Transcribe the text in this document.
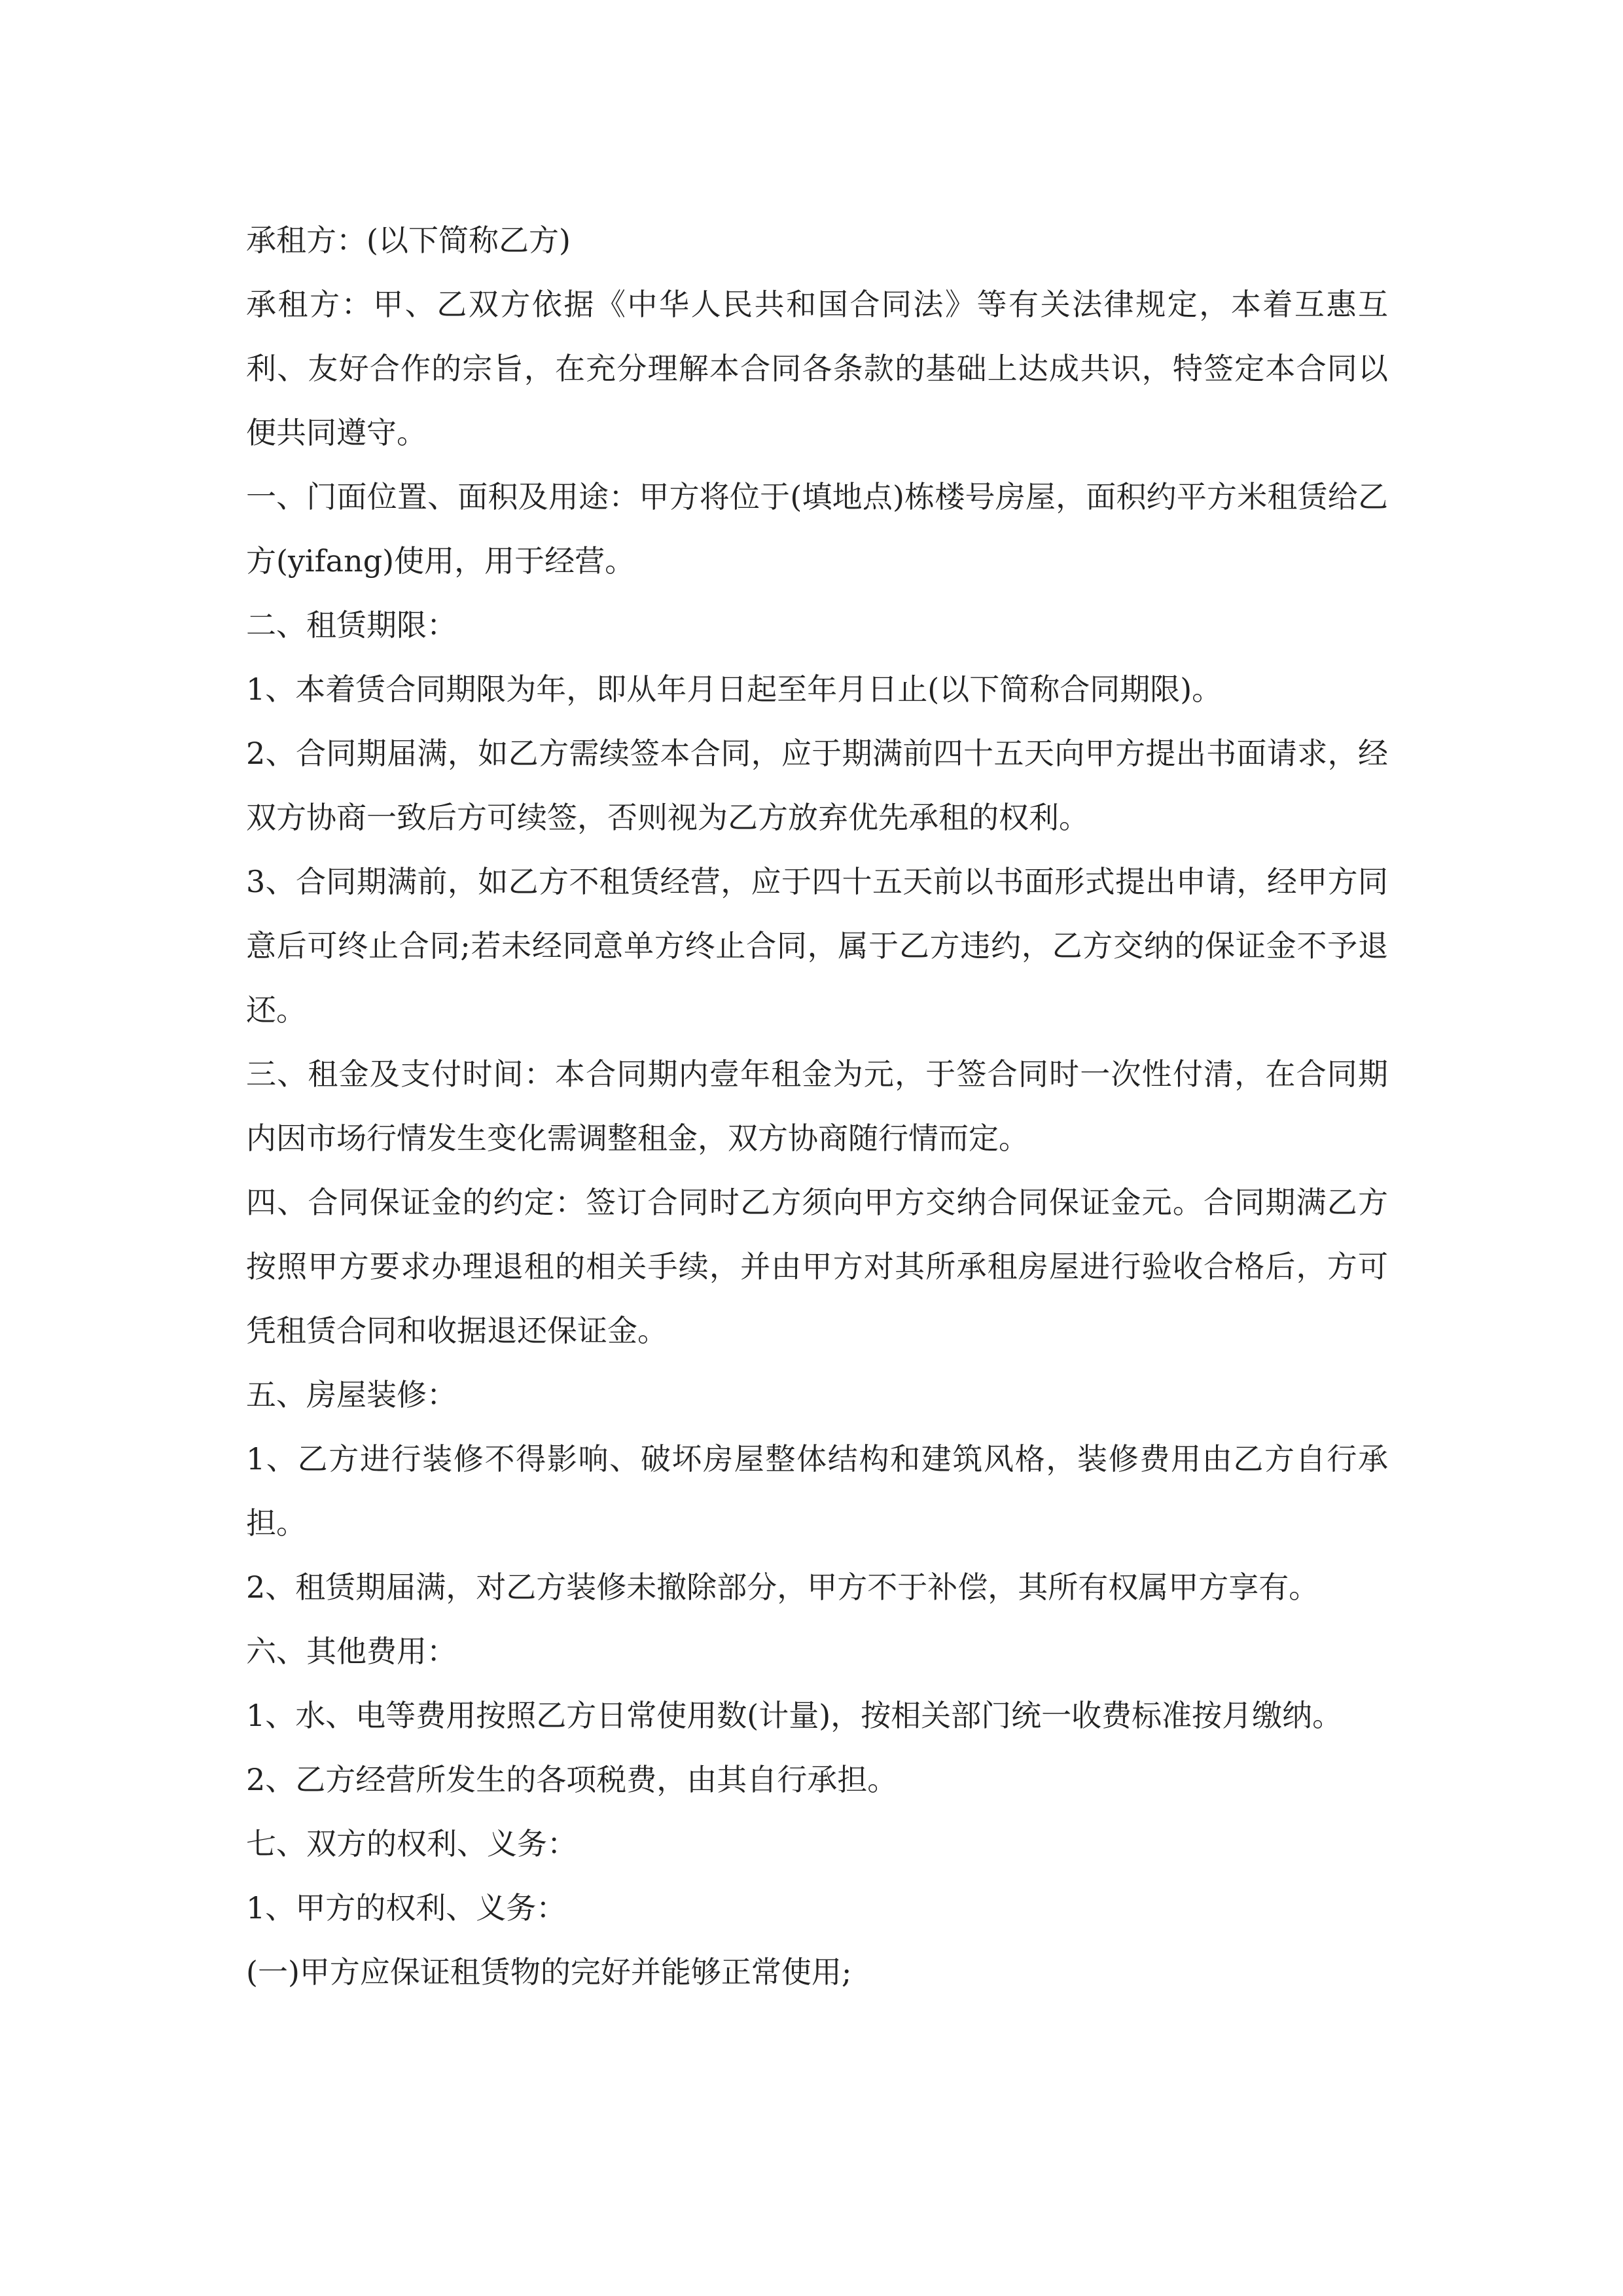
承租方：(以下简称乙方)

承租方：甲、乙双方依据《中华人民共和国合同法》等有关法律规定，本着互惠互利、友好合作的宗旨，在充分理解本合同各条款的基础上达成共识，特签定本合同以便共同遵守。

一、门面位置、面积及用途：甲方将位于(填地点)栋楼号房屋，面积约平方米租赁给乙方(yifang)使用，用于经营。

二、租赁期限：

1、本着赁合同期限为年，即从年月日起至年月日止(以下简称合同期限)。

2、合同期届满，如乙方需续签本合同，应于期满前四十五天向甲方提出书面请求，经双方协商一致后方可续签，否则视为乙方放弃优先承租的权利。

3、合同期满前，如乙方不租赁经营，应于四十五天前以书面形式提出申请，经甲方同意后可终止合同;若未经同意单方终止合同，属于乙方违约，乙方交纳的保证金不予退还。

三、租金及支付时间：本合同期内壹年租金为元，于签合同时一次性付清，在合同期内因市场行情发生变化需调整租金，双方协商随行情而定。

四、合同保证金的约定：签订合同时乙方须向甲方交纳合同保证金元。合同期满乙方按照甲方要求办理退租的相关手续，并由甲方对其所承租房屋进行验收合格后，方可凭租赁合同和收据退还保证金。

五、房屋装修：

1、乙方进行装修不得影响、破坏房屋整体结构和建筑风格，装修费用由乙方自行承担。

2、租赁期届满，对乙方装修未撤除部分，甲方不于补偿，其所有权属甲方享有。

六、其他费用：

1、水、电等费用按照乙方日常使用数(计量)，按相关部门统一收费标准按月缴纳。

2、乙方经营所发生的各项税费，由其自行承担。

七、双方的权利、义务：

1、甲方的权利、义务：

(一)甲方应保证租赁物的完好并能够正常使用;
